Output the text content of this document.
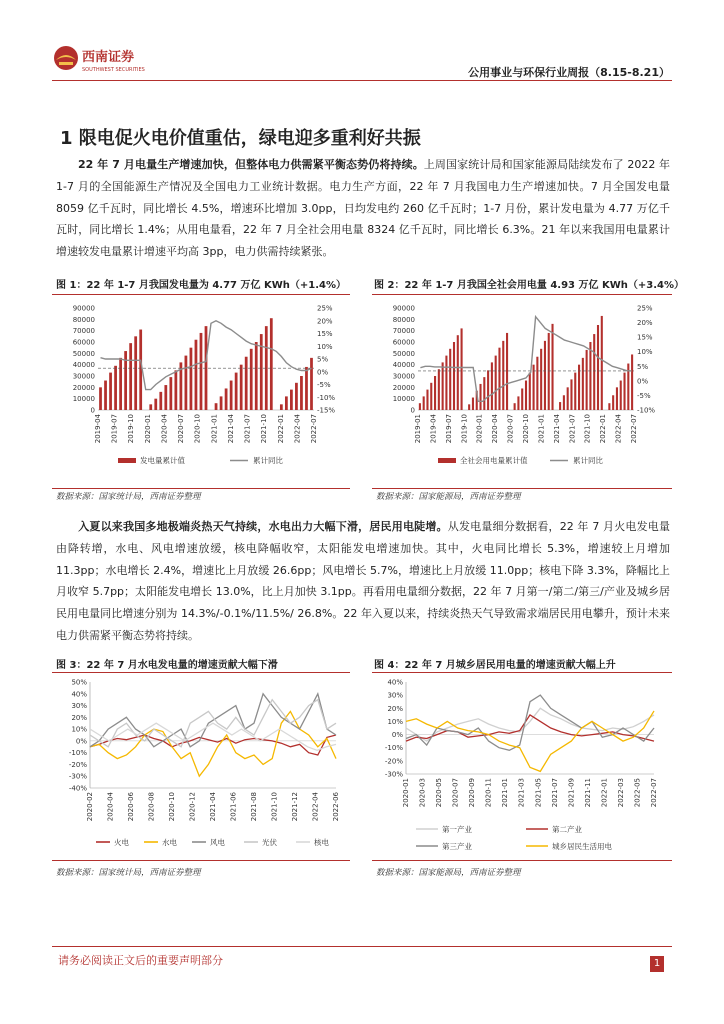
西南证券
SOUTHWEST SECURITIES	公用事业与环保行业周报（8.15-8.21）
1 限电促火电价值重估，绿电迎多重利好共振
22 年 7 月电量生产增速加快，但整体电力供需紧平衡态势仍将持续。上周国家统计局和国家能源局陆续发布了 2022 年 1-7 月的全国能源生产情况及全国电力工业统计数据。电力生产方面，22 年 7 月我国电力生产增速加快。7 月全国发电量 8059 亿千瓦时，同比增长 4.5%，增速环比增加 3.0pp，日均发电约 260 亿千瓦时；1-7 月份，累计发电量为 4.77 万亿千瓦时，同比增长 1.4%；从用电量看，22 年 7 月全社会用电量 8324 亿千瓦时，同比增长 6.3%。21 年以来我国用电量累计增速较发电量累计增速平均高 3pp，电力供需持续紧张。
图 1：22 年 1-7 月我国发电量为 4.77 万亿 KWh（+1.4%）
0
10000
20000
30000
40000
50000
60000
70000
80000
90000
-15%
-10%
-5%
0%
5%
10%
15%
20%
25%
2019-04 2019-07 2019-10 2020-01 2020-04 2020-07 2020-10 2021-01 2021-04 2021-07 2021-10 2022-01 2022-04 2022-07
发电量累计值	累计同比
数据来源：国家统计局，西南证券整理
图 2：22 年 1-7 月我国全社会用电量 4.93 万亿 KWh（+3.4%）
0
10000
20000
30000
40000
50000
60000
70000
80000
90000
-10%
-5%
0%
5%
10%
15%
20%
25%
2019-01 2019-04 2019-07 2019-10 2020-01 2020-04 2020-07 2020-10 2021-01 2021-04 2021-07 2021-10 2022-01 2022-04 2022-07
全社会用电量累计值	累计同比
数据来源：国家能源局，西南证券整理
入夏以来我国多地极端炎热天气持续，水电出力大幅下滑，居民用电陡增。从发电量细分数据看，22 年 7 月火电发电量由降转增，水电、风电增速放缓，核电降幅收窄，太阳能发电增速加快。其中，火电同比增长 5.3%，增速较上月增加 11.3pp；水电增长 2.4%，增速比上月放缓 26.6pp；风电增长 5.7%，增速比上月放缓 11.0pp；核电下降 3.3%，降幅比上月收窄 5.7pp；太阳能发电增长 13.0%，比上月加快 3.1pp。再看用电量细分数据，22 年 7 月第一/第二/第三/产业及城乡居民用电量同比增速分别为 14.3%/-0.1%/11.5%/ 26.8%。22 年入夏以来，持续炎热天气导致需求端居民用电攀升，预计未来电力供需紧平衡态势将持续。
图 3：22 年 7 月水电发电量的增速贡献大幅下滑
-40%
-30%
-20%
-10%
0%
10%
20%
30%
40%
50%
2020-02 2020-04 2020-06 2020-08 2020-10 2020-12 2021-04 2021-06 2021-08 2021-10 2021-12 2022-04 2022-06
火电	水电	风电	光伏	核电
数据来源：国家统计局，西南证券整理
图 4：22 年 7 月城乡居民用电量的增速贡献大幅上升
-30%
-20%
-10%
0%
10%
20%
30%
40%
2020-01 2020-03 2020-05 2020-07 2020-09 2020-11 2021-01 2021-03 2021-05 2021-07 2021-09 2021-11 2022-01 2022-03 2022-05 2022-07
第一产业	第二产业
第三产业	城乡居民生活用电
数据来源：国家能源局，西南证券整理
请务必阅读正文后的重要声明部分	1
